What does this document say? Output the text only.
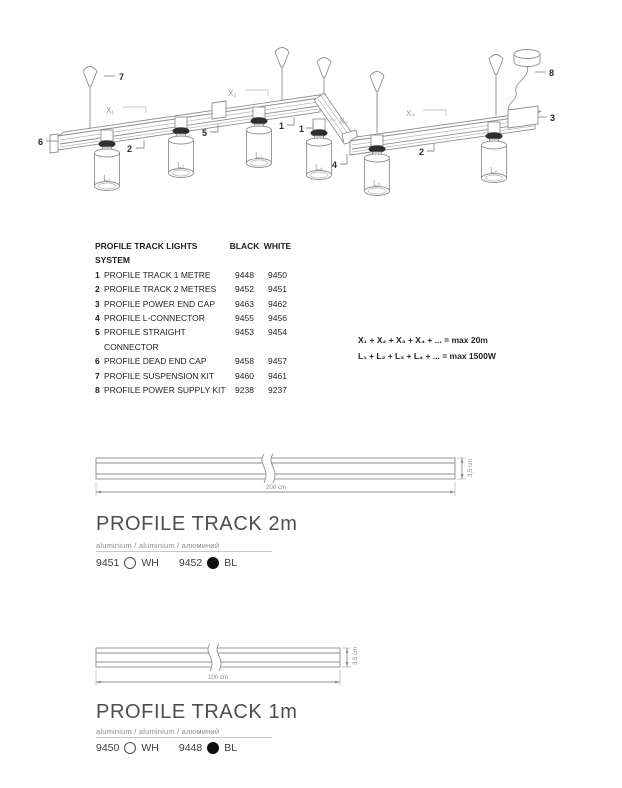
L₁
L₂
L₃
L₄
L₅
L₆
X₁
X₂
X₃
X₄
7	8
6
3
2
5
1 1
4
2
PROFILE TRACK LIGHTS SYSTEM
BLACK WHITE
1 PROFILE TRACK 1 METRE	9448	9450
2 PROFILE TRACK 2 METRES	9452	9451
3 PROFILE POWER END CAP	9463	9462
4 PROFILE L-CONNECTOR	9455	9456
5 PROFILE STRAIGHT CONNECTOR
9453	9454
6 PROFILE DEAD END CAP	9458	9457
7 PROFILE SUSPENSION KIT	9460	9461
8 PROFILE POWER SUPPLY KIT	9238	9237
X₁ + X₂ + X₃ + X₄ + ... = max 20m
L₁ + L₂ + L₃ + L₄ + ... = max 1500W
3,5 cm
200 cm
PROFILE TRACK 2m
aluminium / aluminium / алюминий
9451 WH 9452 BL
3,5 cm
100 cm
PROFILE TRACK 1m
aluminium / aluminium / алюминий
9450 WH 9448 BL
